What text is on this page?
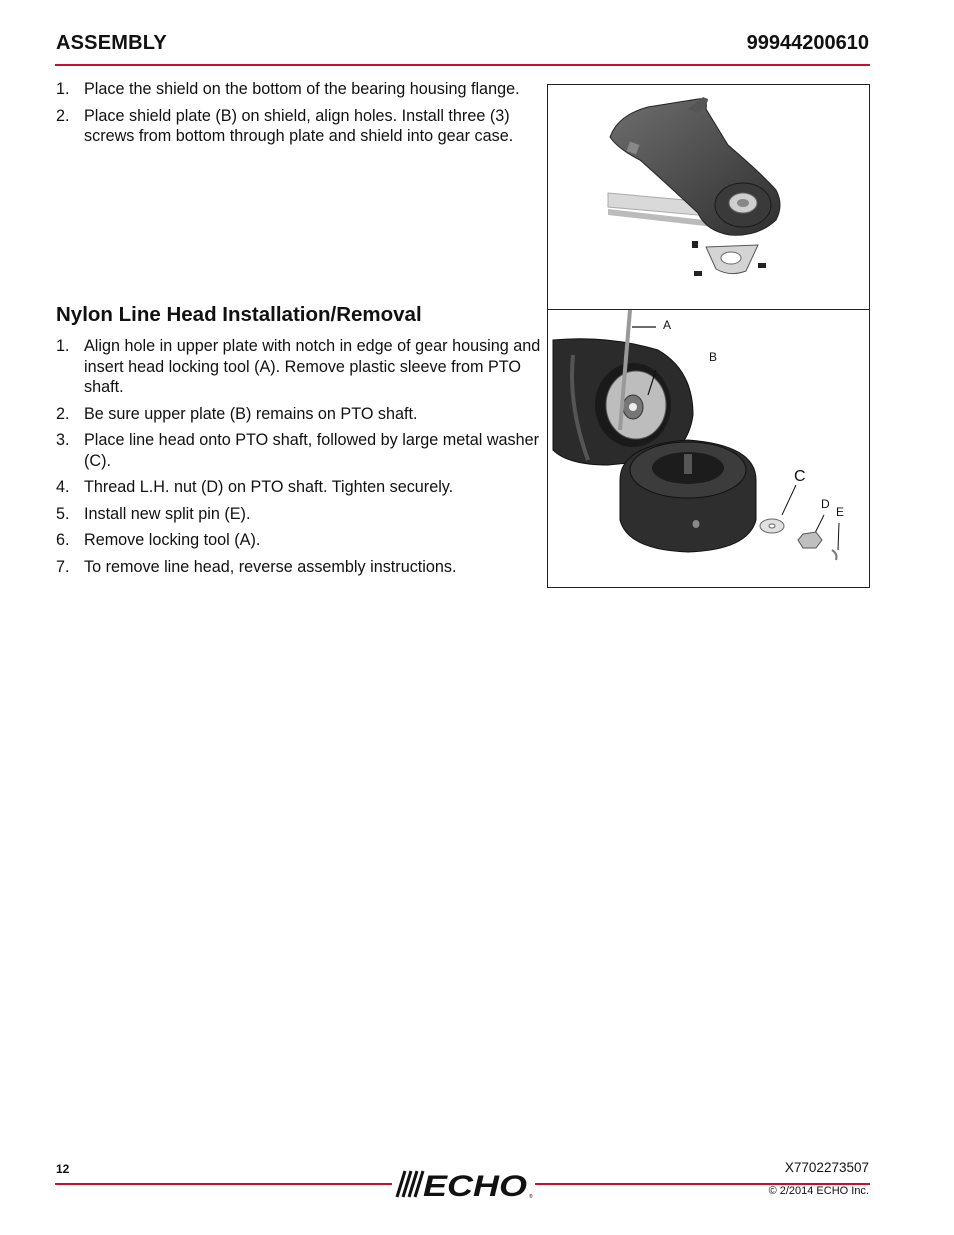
ASSEMBLY	99944200610
1. Place the shield on the bottom of the bearing housing flange.
2. Place shield plate (B) on shield, align holes. Install three (3) screws from bottom through plate and shield into gear case.
Nylon Line Head Installation/Removal
1. Align hole in upper plate with notch in edge of gear housing and insert head locking tool (A). Remove plastic sleeve from PTO shaft.
2. Be sure upper plate (B) remains on PTO shaft.
3. Place line head onto PTO shaft, followed by large metal washer (C).
4. Thread L.H. nut (D) on PTO shaft. Tighten securely.
5. Install new split pin (E).
6. Remove locking tool (A).
7. To remove line head, reverse assembly instructions.
A
B
C
D
E
12	X7702273507
© 2/2014 ECHO Inc.
ECHO ®
